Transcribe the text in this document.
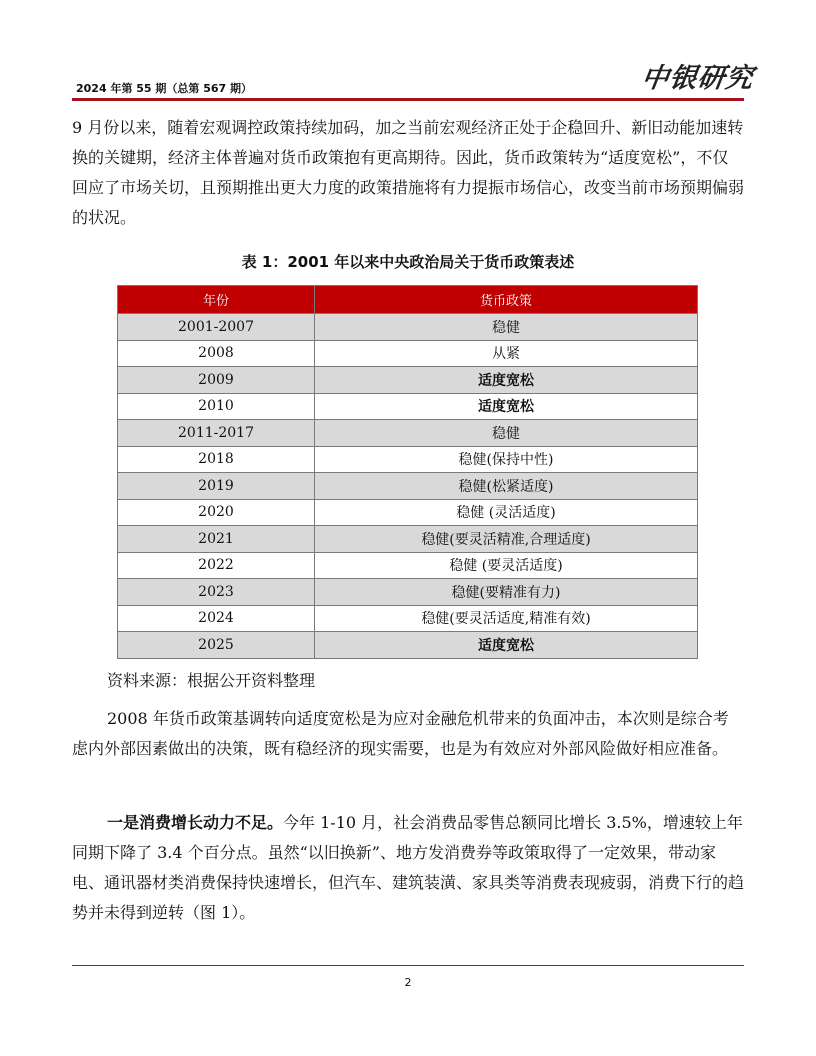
2024 年第 55 期（总第 567 期）	中银研究

9 月份以来，随着宏观调控政策持续加码，加之当前宏观经济正处于企稳回升、新旧动能加速转换的关键期，经济主体普遍对货币政策抱有更高期待。因此，货币政策转为“适度宽松”，不仅回应了市场关切，且预期推出更大力度的政策措施将有力提振市场信心，改变当前市场预期偏弱的状况。

表 1：2001 年以来中央政治局关于货币政策表述
年份	货币政策
2001-2007	稳健
2008	从紧
2009	适度宽松
2010	适度宽松
2011-2017	稳健
2018	稳健(保持中性)
2019	稳健(松紧适度)
2020	稳健 (灵活适度)
2021	稳健(要灵活精准,合理适度)
2022	稳健 (要灵活适度)
2023	稳健(要精准有力)
2024	稳健(要灵活适度,精准有效)
2025	适度宽松
资料来源：根据公开资料整理

2008 年货币政策基调转向适度宽松是为应对金融危机带来的负面冲击，本次则是综合考虑内外部因素做出的决策，既有稳经济的现实需要，也是为有效应对外部风险做好相应准备。

一是消费增长动力不足。今年 1-10 月，社会消费品零售总额同比增长 3.5%，增速较上年同期下降了 3.4 个百分点。虽然“以旧换新”、地方发消费券等政策取得了一定效果，带动家电、通讯器材类消费保持快速增长，但汽车、建筑装潢、家具类等消费表现疲弱，消费下行的趋势并未得到逆转（图 1）。

2
